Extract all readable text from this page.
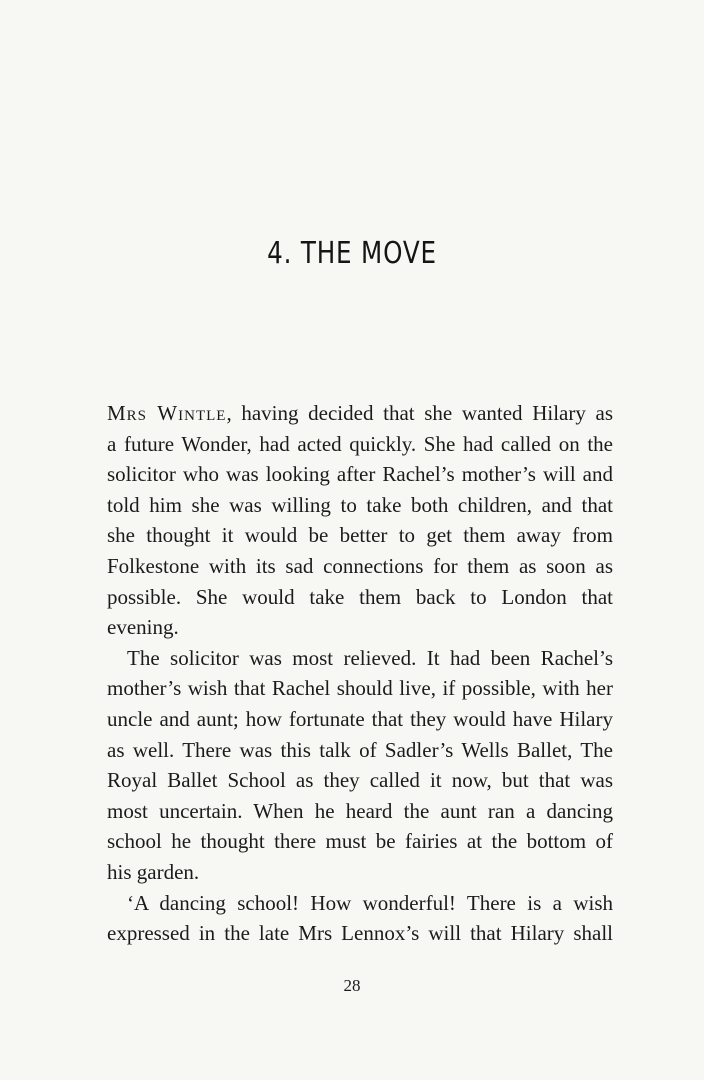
4. THE MOVE
Mrs Wintle, having decided that she wanted Hilary as
a future Wonder, had acted quickly. She had called on the
solicitor who was looking after Rachel’s mother’s will and
told him she was willing to take both children, and that
she thought it would be better to get them away from
Folkestone with its sad connections for them as soon as
possible. She would take them back to London that
evening.
The solicitor was most relieved. It had been Rachel’s
mother’s wish that Rachel should live, if possible, with her
uncle and aunt; how fortunate that they would have Hilary
as well. There was this talk of Sadler’s Wells Ballet, The
Royal Ballet School as they called it now, but that was
most uncertain. When he heard the aunt ran a dancing
school he thought there must be fairies at the bottom of
his garden.
‘A dancing school! How wonderful! There is a wish
expressed in the late Mrs Lennox’s will that Hilary shall
28
